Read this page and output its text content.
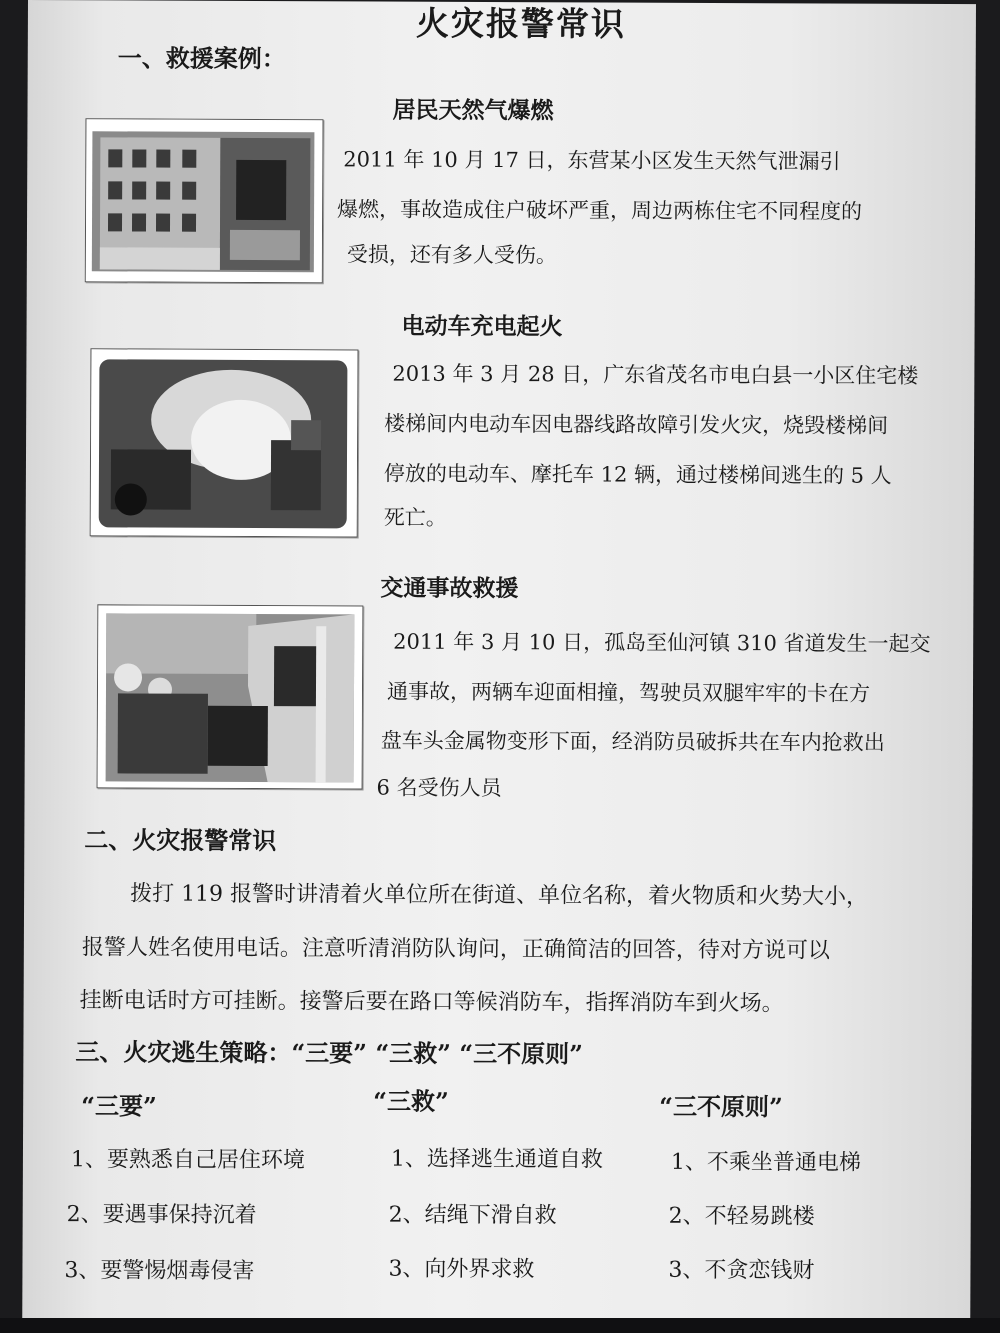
火灾报警常识
一、救援案例：
居民天然气爆燃
2011 年 10 月 17 日，东营某小区发生天然气泄漏引
爆燃，事故造成住户破坏严重，周边两栋住宅不同程度的
受损，还有多人受伤。
电动车充电起火
2013 年 3 月 28 日，广东省茂名市电白县一小区住宅楼
楼梯间内电动车因电器线路故障引发火灾，烧毁楼梯间
停放的电动车、摩托车 12 辆，通过楼梯间逃生的 5 人
死亡。
交通事故救援
2011 年 3 月 10 日，孤岛至仙河镇 310 省道发生一起交
通事故，两辆车迎面相撞，驾驶员双腿牢牢的卡在方
盘车头金属物变形下面，经消防员破拆共在车内抢救出
6 名受伤人员
二、火灾报警常识
拨打 119 报警时讲清着火单位所在街道、单位名称，着火物质和火势大小，
报警人姓名使用电话。注意听清消防队询问，正确简洁的回答，待对方说可以
挂断电话时方可挂断。接警后要在路口等候消防车，指挥消防车到火场。
三、火灾逃生策略：“三要” “三救” “三不原则”
“三要”
1、要熟悉自己居住环境
2、要遇事保持沉着
3、要警惕烟毒侵害
“三救”
1、选择逃生通道自救
2、结绳下滑自救
3、向外界求救
“三不原则”
1、不乘坐普通电梯
2、不轻易跳楼
3、不贪恋钱财
